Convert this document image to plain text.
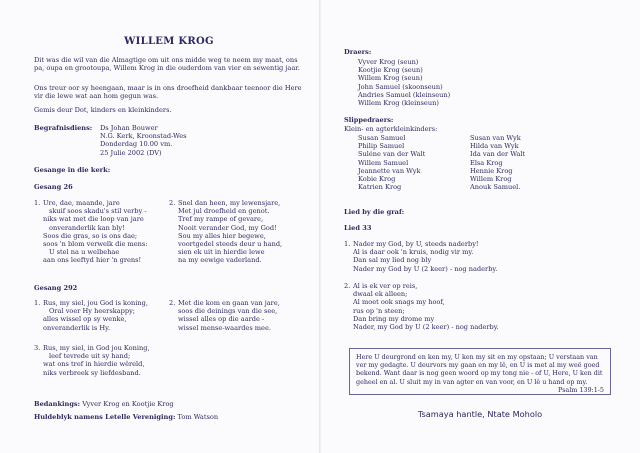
WILLEM KROG

Dit was die wil van die Almagtige om uit ons midde weg te neem my maat, ons pa, oupa en grootoupa, Willem Krog in die ouderdom van vier en sewentig jaar.

Ons treur oor sy heengaan, maar is in ons droefheid dankbaar teenoor die Here vir die lewe wat aan hom gegun was.

Gemis deur Dot, kinders en kleinkinders.

Begrafnisdiens:	Ds Johan Bouwer
N.G. Kerk, Kroonstad-Wes
Donderdag 10.00 vm.
25 Julie 2002 (DV)

Gesange in die kerk:

Gesang 26

1. Ure, dae, maande, jare
skuif soos skadu's stil verby -
niks wat met die loop van jare
onveranderlik kan bly!
Soos die gras, so is ons dae;
soos 'n blom verwelk die mens:
U stel na u welbehae
aan ons leeftyd hier 'n grens!
2. Snel dan heen, my lewensjare,
Met jul droefheid en genot.
Tref my rampe of gevare,
Nooit verander God, my God!
Sou my alles hier begewe,
voortgedel steeds deur u hand,
sien ek uit in hierdie lewe
na my eewige vaderland.

Gesang 292

1. Rus, my siel, jou God is koning,
Oral voer Hy heerskappy;
alles wissel op sy wenke,
onveranderlik is Hy.
2. Met die kom en gaan van jare,
soos die deinings van die see,
wissel alles op die aarde -
wissel mense-waardes mee.
3. Rus, my siel, in God jou Koning,
leef tevrede uit sy hand;
wat ons tref in hierdie wêreld,
niks verbreek sy liefdesband.

Bedankings: Vyver Krog en Kootjie Krog

Huldeblyk namens Letelle Vereniging: Tom Watson

Draers:

Vyver Krog (seun)
Kootjie Krog (seun)
Willem Krog (seun)
John Samuel (skoonseun)
Andries Samuel (kleinseun)
Willem Krog (kleinseun)

Slippedraers:

Klein- en agterkleinkinders:

Susan Samuel
Philip Samuel
Suléne van der Walt
Willem Samuel
Jeannette van Wyk
Kobie Krog
Katrien Krog
Susan van Wyk
Hilda van Wyk
Ida van der Walt
Elsa Krog
Hennie Krog
Willem Krog
Anouk Samuel.

Lied by die graf:

Lied 33

1. Nader my God, by U, steeds naderby!
Al is daar ook 'n kruis, nodig vir my.
Dan sal my lied nog bly
Nader my God by U (2 keer) - nog naderby.
2. Al is ek ver op reis,
dwaal ek alleen;
Al moet ook snags my hoof,
rus op 'n steen;
Dan bring my drome my
Nader, my God by U (2 keer) - nog naderby.

Here U deurgrond en ken my, U ken my sit en my opstaan; U verstaan van ver my gedagte. U deurvors my gaan en my lê, en U is met al my weë goed bekend. Want daar is nog geen woord op my tong nie - of U, Here, U ken dit geheel en al. U sluit my in van agter en van voor, en U lê u hand op my.

Psalm 139:1-5

Tsamaya hantle, Ntate Moholo
